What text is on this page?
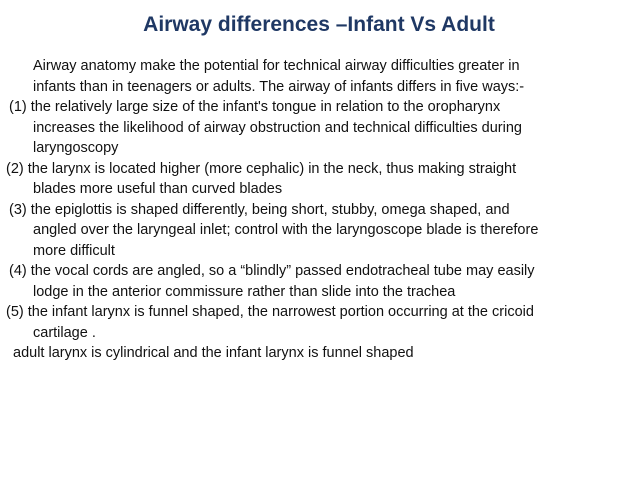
Airway differences –Infant Vs Adult

Airway anatomy make the potential for technical airway difficulties greater in
infants than in teenagers or adults. The airway of infants differs in five ways:-

(1) the relatively large size of the infant's tongue in relation to the oropharynx
increases the likelihood of airway obstruction and technical difficulties during
laryngoscopy

(2) the larynx is located higher (more cephalic) in the neck, thus making straight
blades more useful than curved blades

(3) the epiglottis is shaped differently, being short, stubby, omega shaped, and
angled over the laryngeal inlet; control with the laryngoscope blade is therefore
more difficult

(4) the vocal cords are angled, so a “blindly” passed endotracheal tube may easily
lodge in the anterior commissure rather than slide into the trachea

(5) the infant larynx is funnel shaped, the narrowest portion occurring at the cricoid
cartilage .

adult larynx is cylindrical and the infant larynx is funnel shaped
